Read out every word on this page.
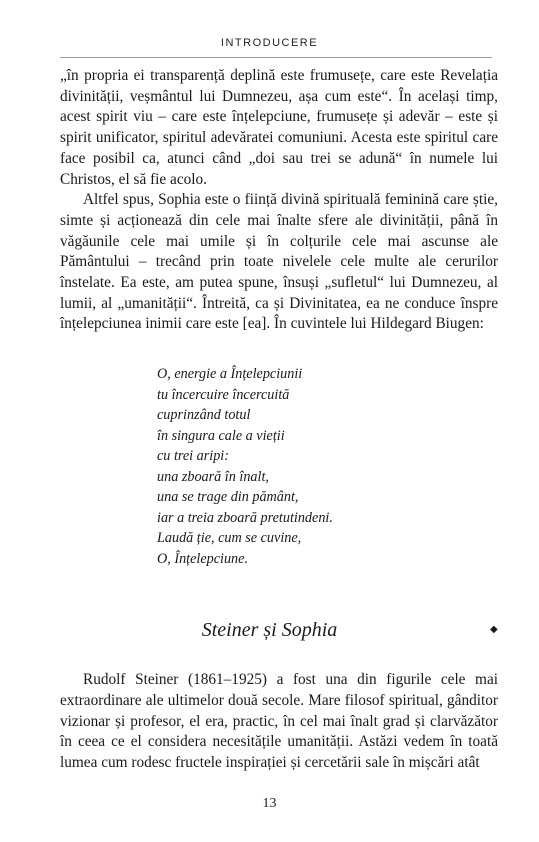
INTRODUCERE

„în propria ei transparență deplină este frumusețe, care este Revelația divinității, veșmântul lui Dumnezeu, așa cum este“. În același timp, acest spirit viu – care este înțelepciune, frumusețe și adevăr – este și spirit unificator, spiritul adevăratei comuniuni. Acesta este spiritul care face posibil ca, atunci când „doi sau trei se adună“ în numele lui Christos, el să fie acolo.

Altfel spus, Sophia este o ființă divină spirituală feminină care știe, simte și acționează din cele mai înalte sfere ale divinității, până în văgăunile cele mai umile și în colțurile cele mai ascunse ale Pământului – trecând prin toate nivelele cele multe ale cerurilor înstelate. Ea este, am putea spune, însuși „sufletul“ lui Dumnezeu, al lumii, al „umanității“. Întreită, ca și Divinitatea, ea ne conduce înspre înțelepciunea inimii care este [ea]. În cuvintele lui Hildegard Biugen:

O, energie a Înțelepciunii
tu încercuire încercuită
cuprinzând totul
în singura cale a vieții
cu trei aripi:
una zboară în înalt,
una se trage din pământ,
iar a treia zboară pretutindeni.
Laudă ție, cum se cuvine,
O, Înțelepciune.
Steiner și Sophia	◆

Rudolf Steiner (1861–1925) a fost una din figurile cele mai extraordinare ale ultimelor două secole. Mare filosof spiritual, gânditor vizionar și profesor, el era, practic, în cel mai înalt grad și clarvăzător în ceea ce el considera necesitățile umanității. Astăzi vedem în toată lumea cum rodesc fructele inspirației și cercetării sale în mișcări atât

13
